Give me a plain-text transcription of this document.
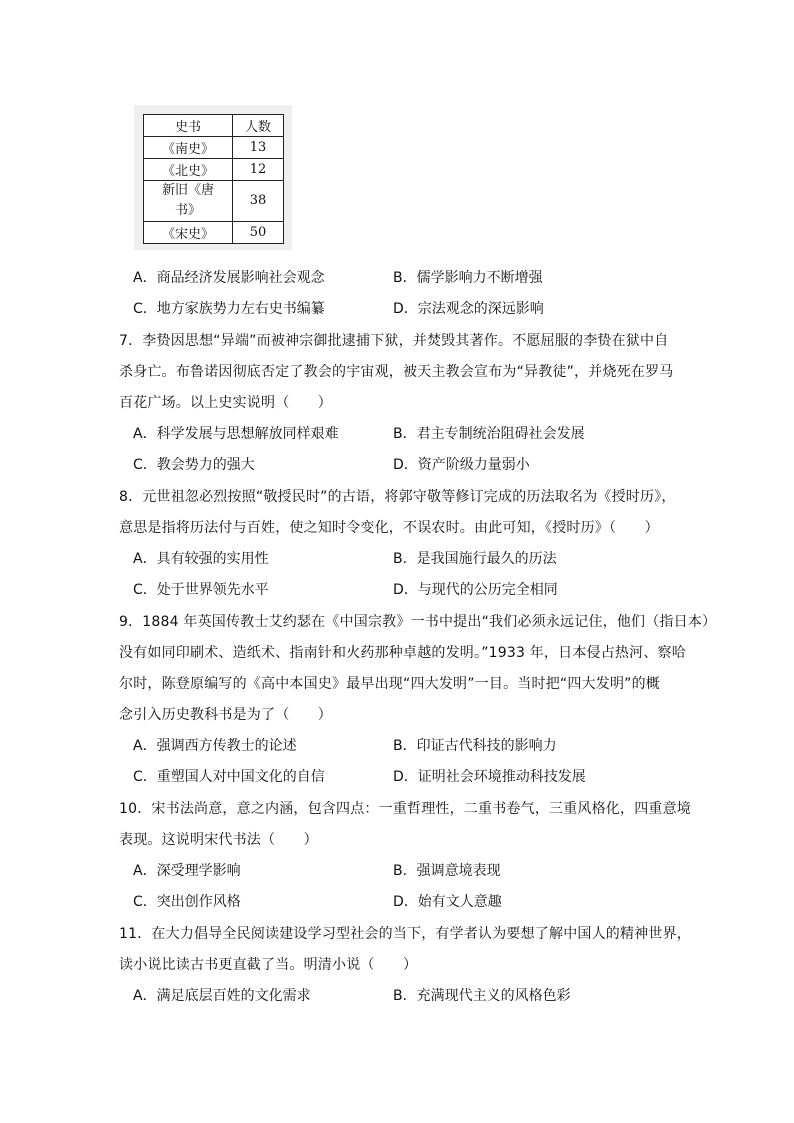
史书	人数
《南史》	13
《北史》	12

新旧《唐
书》	38
《宋史》	50
A．商品经济发展影响社会观念	B．儒学影响力不断增强
C．地方家族势力左右史书编纂	D．宗法观念的深远影响
7．李贽因思想“异端”而被神宗御批逮捕下狱，并焚毁其著作。不愿屈服的李贽在狱中自
杀身亡。布鲁诺因彻底否定了教会的宇宙观，被天主教会宣布为“异教徒”，并烧死在罗马
百花广场。以上史实说明（　　）
A．科学发展与思想解放同样艰难	B．君主专制统治阻碍社会发展
C．教会势力的强大	D．资产阶级力量弱小
8．元世祖忽必烈按照“敬授民时”的古语，将郭守敬等修订完成的历法取名为《授时历》，
意思是指将历法付与百姓，使之知时令变化，不误农时。由此可知，《授时历》（　　）
A．具有较强的实用性	B．是我国施行最久的历法
C．处于世界领先水平	D．与现代的公历完全相同
9．1884 年英国传教士艾约瑟在《中国宗教》一书中提出“我们必须永远记住，他们（指日本）
没有如同印刷术、造纸术、指南针和火药那种卓越的发明。”1933 年，日本侵占热河、察哈
尔时，陈登原编写的《高中本国史》最早出现“四大发明”一目。当时把“四大发明”的概
念引入历史教科书是为了（　　）
A．强调西方传教士的论述	B．印证古代科技的影响力
C．重塑国人对中国文化的自信	D．证明社会环境推动科技发展
10．宋书法尚意，意之内涵，包含四点：一重哲理性，二重书卷气，三重风格化，四重意境
表现。这说明宋代书法（　　）
A．深受理学影响	B．强调意境表现
C．突出创作风格	D．始有文人意趣
11．在大力倡导全民阅读建设学习型社会的当下，有学者认为要想了解中国人的精神世界，
读小说比读古书更直截了当。明清小说（　　）
A．满足底层百姓的文化需求	B．充满现代主义的风格色彩
